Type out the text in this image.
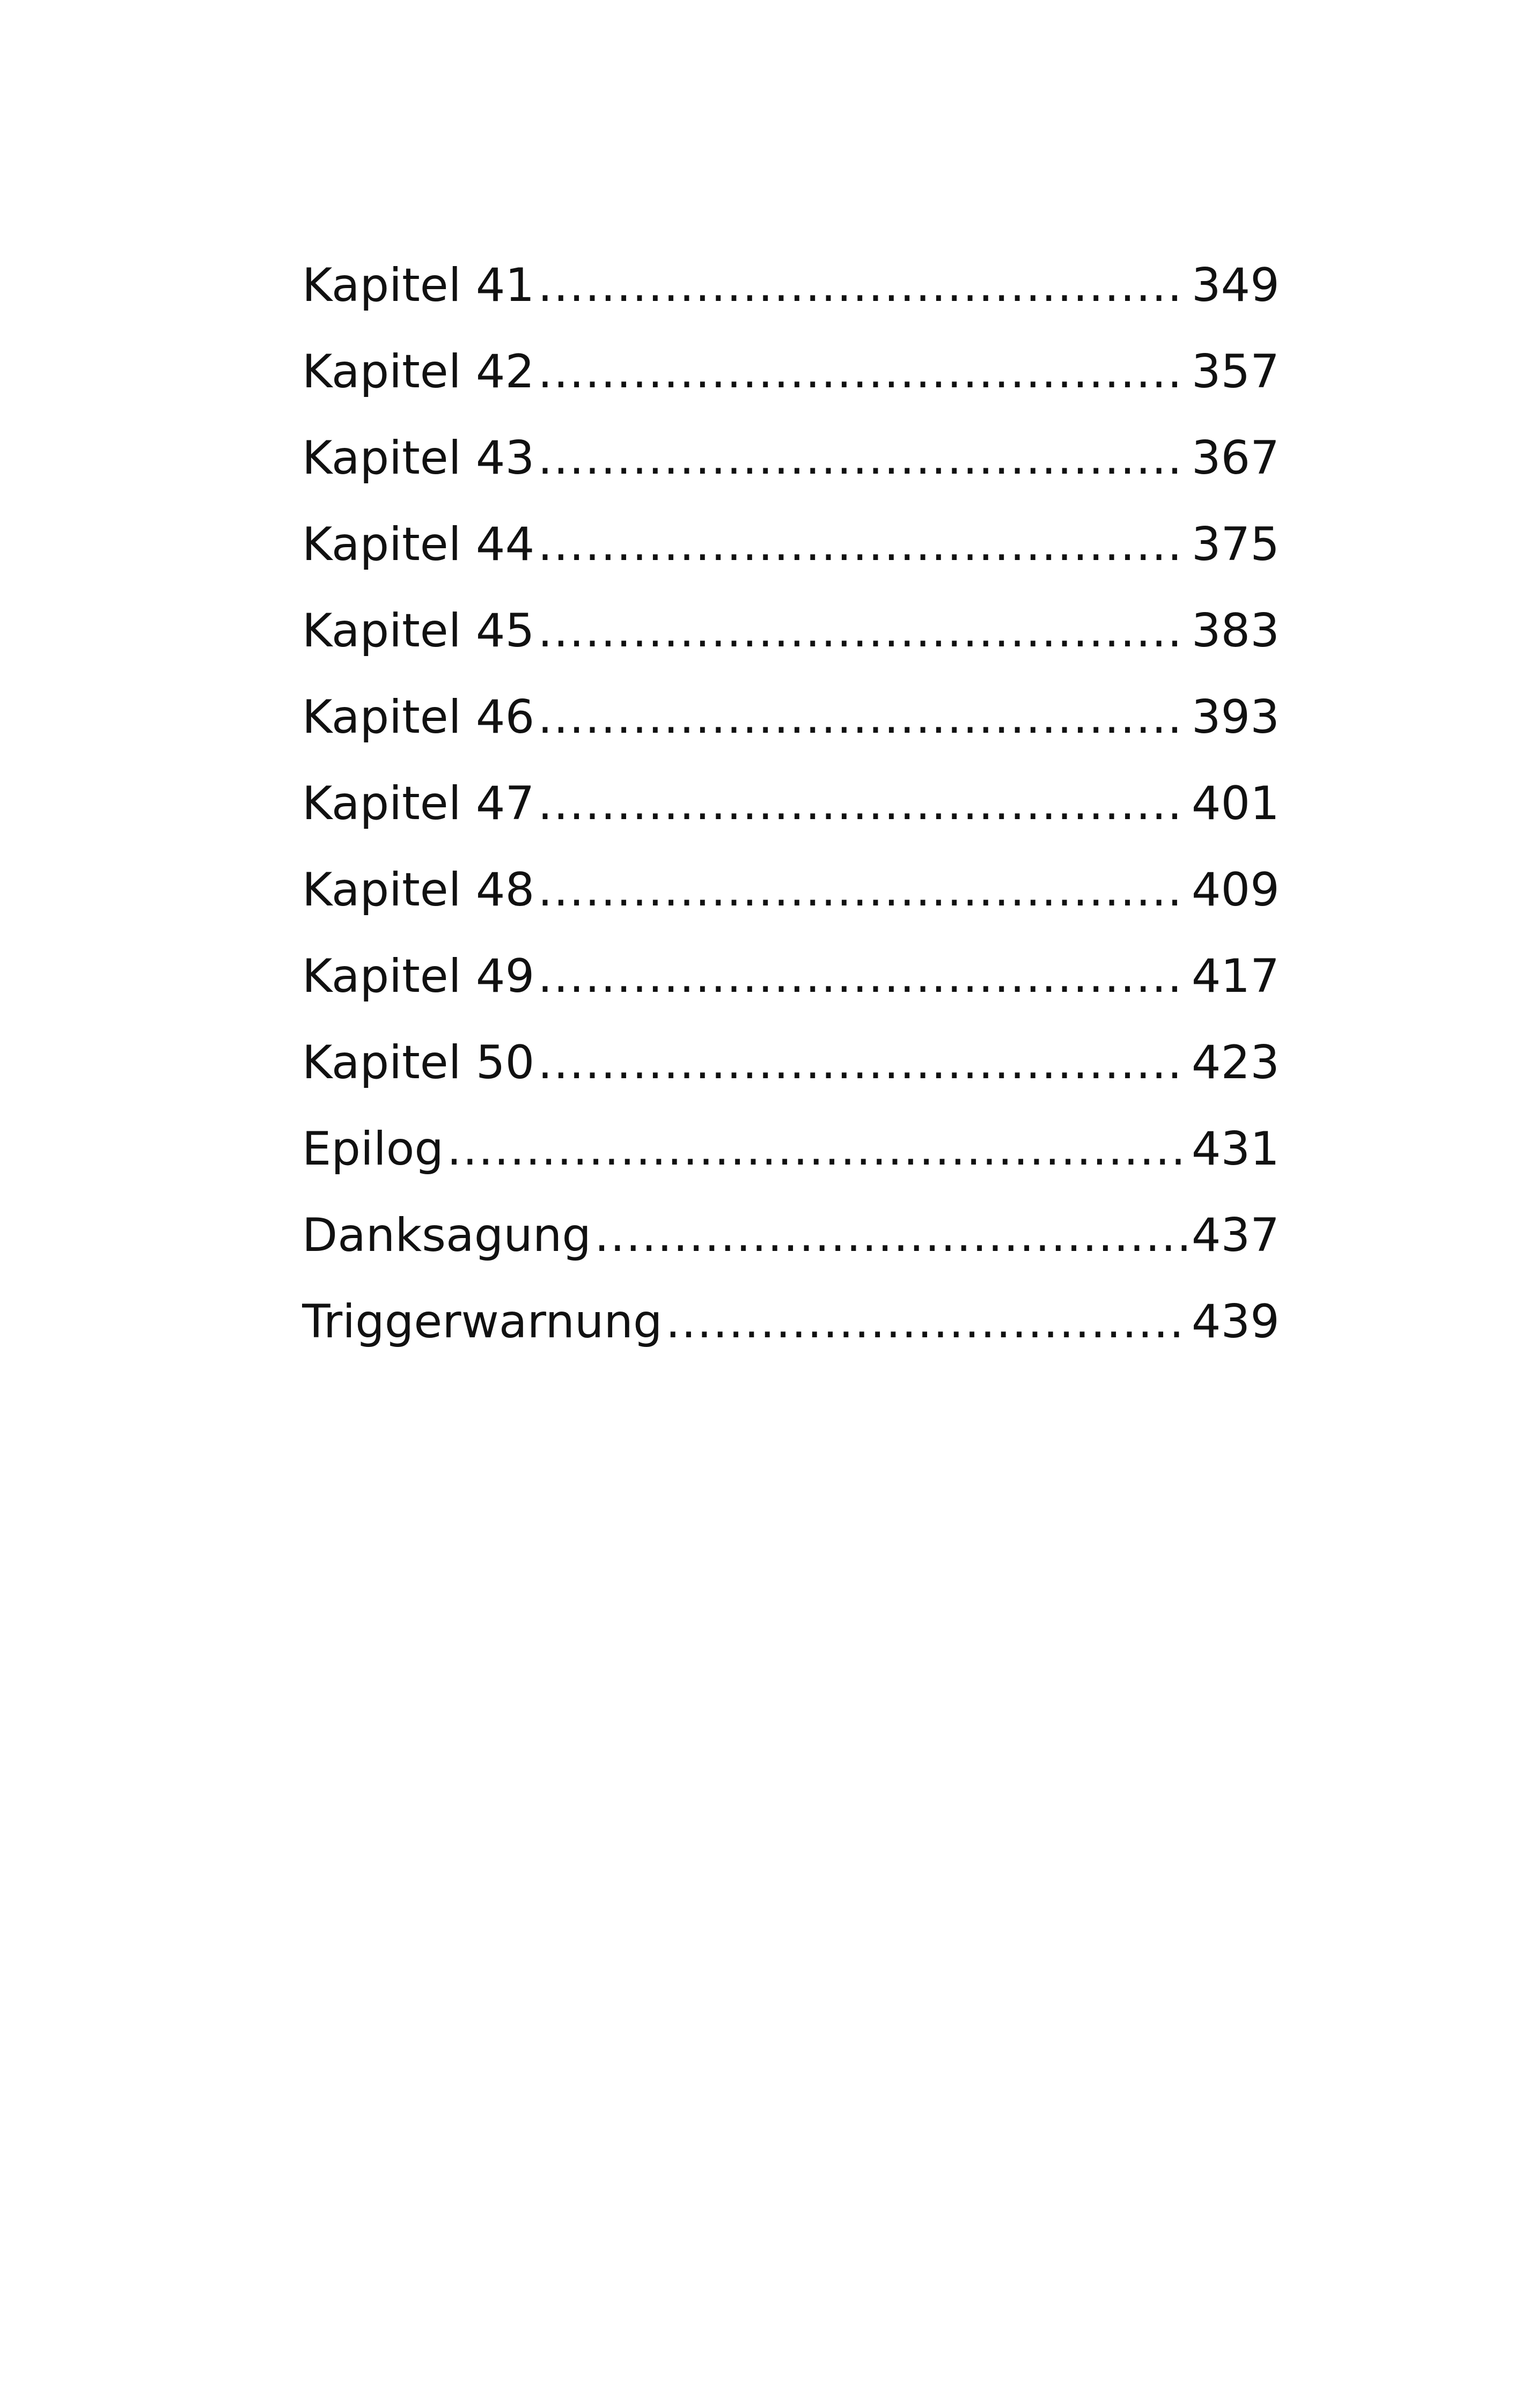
Kapitel 41 .....	349
Kapitel 42 .....	357
Kapitel 43 .....	367
Kapitel 44 .....	375
Kapitel 45 .....	383
Kapitel 46 .....	393
Kapitel 47 .....	401
Kapitel 48 .....	409
Kapitel 49 .....	417
Kapitel 50 .....	423
Epilog .....	431
Danksagung .....	437
Triggerwarnung .....	439
